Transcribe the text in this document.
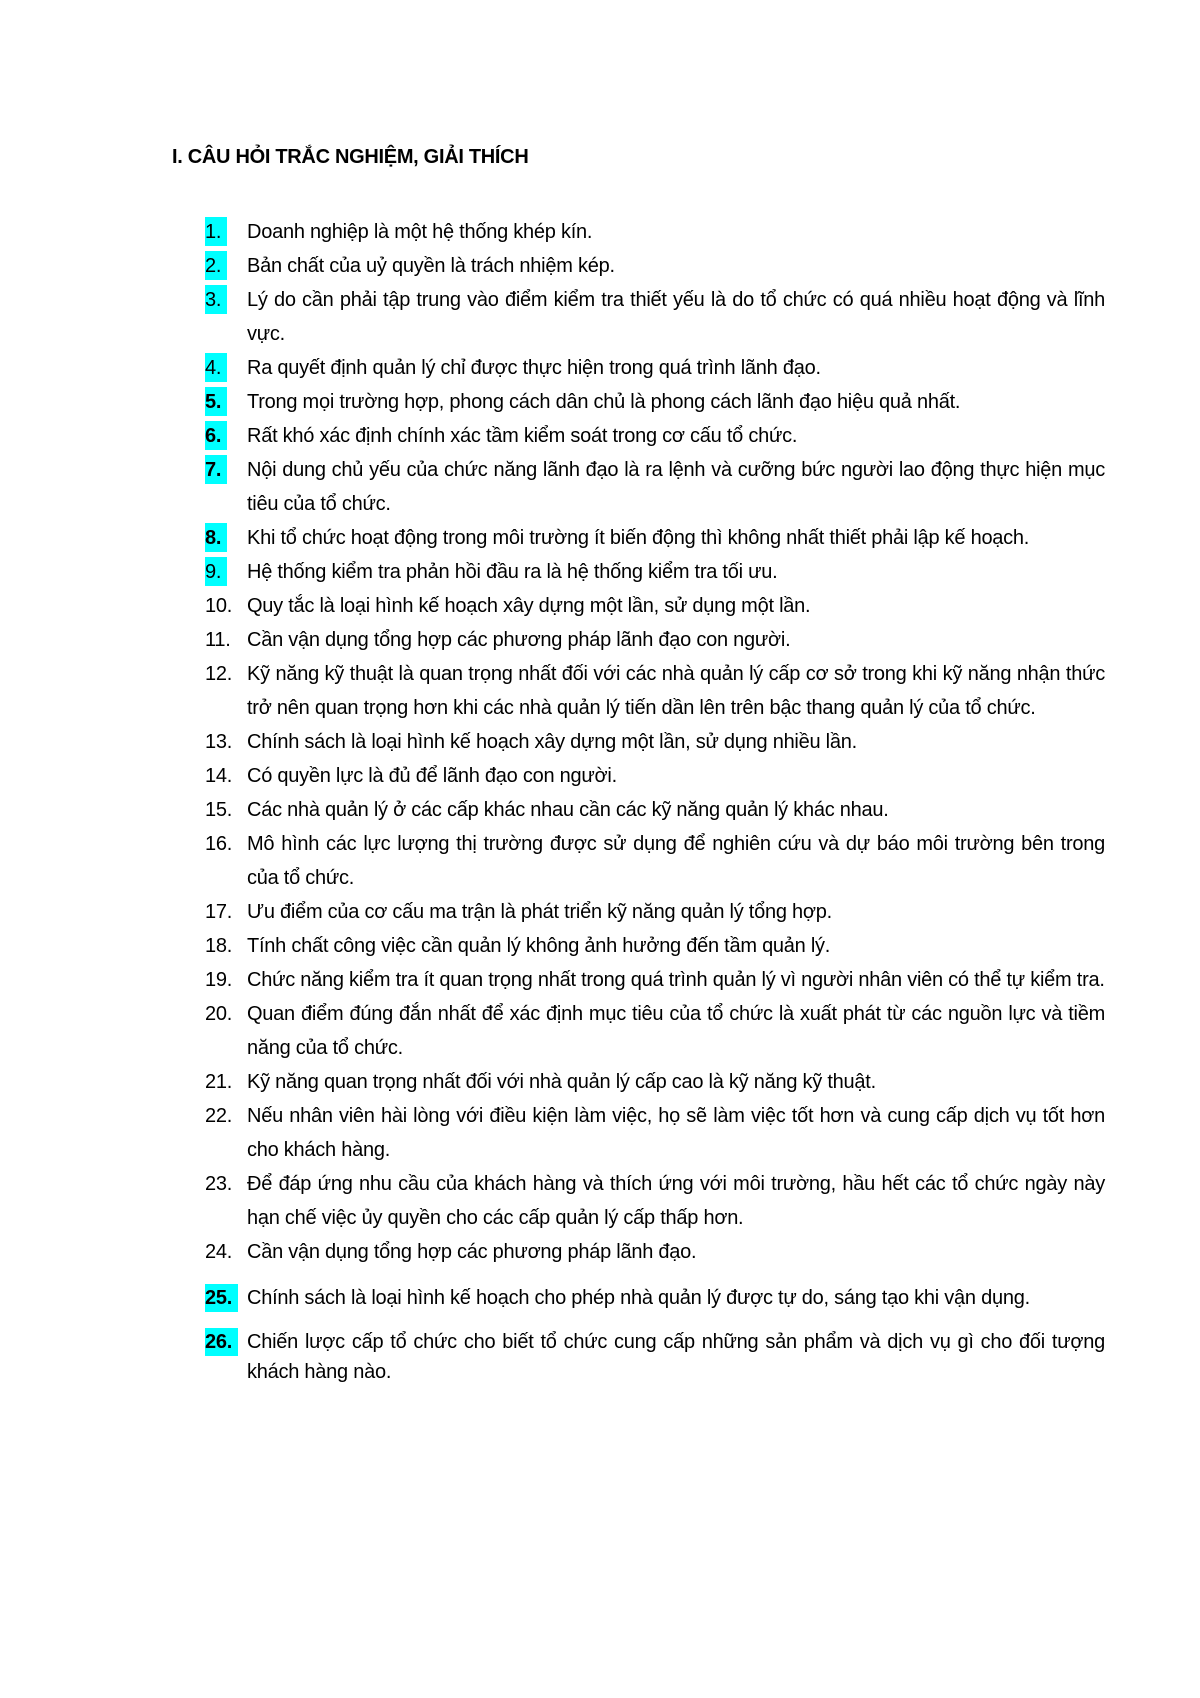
I. CÂU HỎI TRẮC NGHIỆM, GIẢI THÍCH
1.	Doanh nghiệp là một hệ thống khép kín.
2.	Bản chất của uỷ quyền là trách nhiệm kép.
3.	Lý do cần phải tập trung vào điểm kiểm tra thiết yếu là do tổ chức có quá nhiều hoạt động và lĩnh vực.
4.	Ra quyết định quản lý chỉ được thực hiện trong quá trình lãnh đạo.
5.	Trong mọi trường hợp, phong cách dân chủ là phong cách lãnh đạo hiệu quả nhất.
6.	Rất khó xác định chính xác tầm kiểm soát trong cơ cấu tổ chức.
7.	Nội dung chủ yếu của chức năng lãnh đạo là ra lệnh và cưỡng bức người lao động thực hiện mục tiêu của tổ chức.
8.	Khi tổ chức hoạt động trong môi trường ít biến động thì không nhất thiết phải lập kế hoạch.
9.	Hệ thống kiểm tra phản hồi đầu ra là hệ thống kiểm tra tối ưu.
10. Quy tắc là loại hình kế hoạch xây dựng một lần, sử dụng một lần.
11. Cần vận dụng tổng hợp các phương pháp lãnh đạo con người.
12. Kỹ năng kỹ thuật là quan trọng nhất đối với các nhà quản lý cấp cơ sở trong khi kỹ năng nhận thức trở nên quan trọng hơn khi các nhà quản lý tiến dần lên trên bậc thang quản lý của tổ chức.
13. Chính sách là loại hình kế hoạch xây dựng một lần, sử dụng nhiều lần.
14. Có quyền lực là đủ để lãnh đạo con người.
15. Các nhà quản lý ở các cấp khác nhau cần các kỹ năng quản lý khác nhau.
16. Mô hình các lực lượng thị trường được sử dụng để nghiên cứu và dự báo môi trường bên trong của tổ chức.
17. Ưu điểm của cơ cấu ma trận là phát triển kỹ năng quản lý tổng hợp.
18. Tính chất công việc cần quản lý không ảnh hưởng đến tầm quản lý.
19. Chức năng kiểm tra ít quan trọng nhất trong quá trình quản lý vì người nhân viên có thể tự kiểm tra.
20. Quan điểm đúng đắn nhất để xác định mục tiêu của tổ chức là xuất phát từ các nguồn lực và tiềm năng của tổ chức.
21. Kỹ năng quan trọng nhất đối với nhà quản lý cấp cao là kỹ năng kỹ thuật.
22. Nếu nhân viên hài lòng với điều kiện làm việc, họ sẽ làm việc tốt hơn và cung cấp dịch vụ tốt hơn cho khách hàng.
23. Để đáp ứng nhu cầu của khách hàng và thích ứng với môi trường, hầu hết các tổ chức ngày này hạn chế việc ủy quyền cho các cấp quản lý cấp thấp hơn.
24. Cần vận dụng tổng hợp các phương pháp lãnh đạo.
25. Chính sách là loại hình kế hoạch cho phép nhà quản lý được tự do, sáng tạo khi vận dụng.
26. Chiến lược cấp tổ chức cho biết tổ chức cung cấp những sản phẩm và dịch vụ gì cho đối tượng khách hàng nào.
